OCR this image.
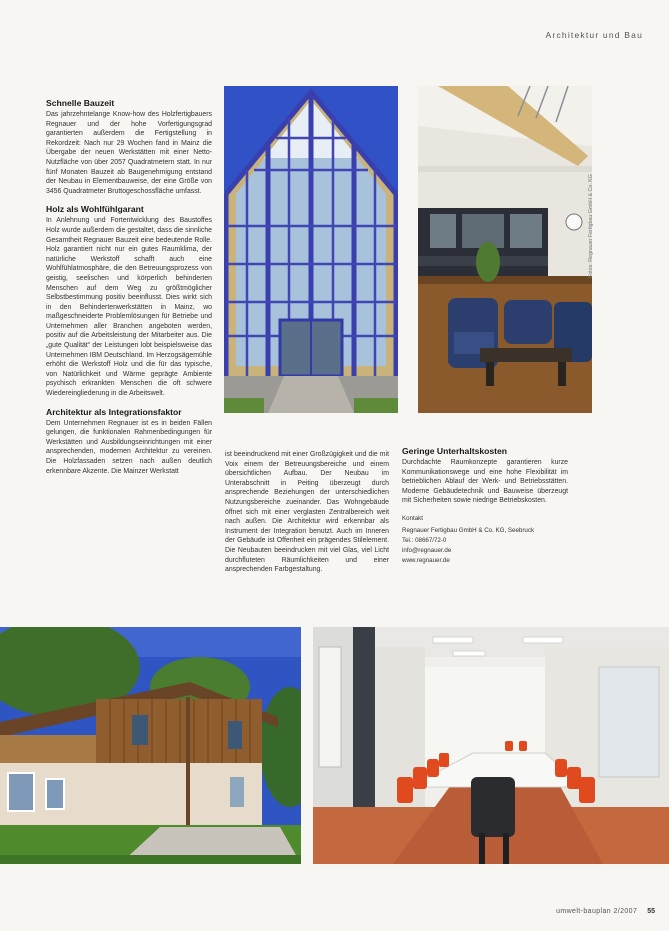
Architektur und Bau
Schnelle Bauzeit

Das jahrzehntelange Know-how des Holzfertigbauers Regnauer und der hohe Vorfertigungsgrad garantierten außerdem die Fertigstellung in Rekordzeit: Nach nur 29 Wochen fand in Mainz die Übergabe der neuen Werkstätten mit einer Netto-Nutzfläche von über 2057 Quadratmetern statt. In nur fünf Monaten Bauzeit ab Baugenehmigung entstand der Neubau in Elementbauweise, der eine Größe von 3456 Quadratmeter Bruttogeschossfläche umfasst.

Holz als Wohlfühlgarant

In Anlehnung und Fortentwicklung des Baustoffes Holz wurde außerdem die gestaltet, dass die sinnliche Gesamtheit Regnauer Bauzeit eine bedeutende Rolle. Holz garantiert nicht nur ein gutes Raumklima, der natürliche Werkstoff schafft auch eine Wohlfühlatmosphäre, die den Betreuungsprozess von geistig, seelischen und körperlich behinderten Menschen auf dem Weg zu größtmöglicher Selbstbestimmung positiv beeinflusst. Dies wirkt sich in den Behindertenwerkstätten in Mainz, wo maßgeschneiderte Problemlösungen für Betriebe und Unternehmen aller Branchen angeboten werden, positiv auf die Arbeitsleistung der Mitarbeiter aus. Die „gute Qualität“ der Leistungen lobt beispielsweise das Unternehmen IBM Deutschland. Im Herzogsägemühle erhöht die Werkstoff Holz und die für das typische, von Natürlichkeit und Wärme geprägte Ambiente psychisch erkrankten Menschen die oft schwere Wiedereingliederung in die Arbeitswelt.

Architektur als Integrationsfaktor

Dem Unternehmen Regnauer ist es in beiden Fällen gelungen, die funktionalen Rahmenbedingungen für Werkstätten und Ausbildungseinrichtungen mit einer ansprechenden, modernen Architektur zu vereinen. Die Holzfassaden setzen nach außen deutlich erkennbare Akzente. Die Mainzer Werkstatt

ist beeindruckend mit einer Großzügigkeit und die mit Voix einem der Betreuungsbereiche und einem übersichtlichen Aufbau. Der Neubau im Unterabschnitt in Peiting überzeugt durch ansprechende Beziehungen der unterschiedlichen Nutzungsbereiche zueinander. Das Wohngebäude öffnet sich mit einer verglasten Zentralbereich weit nach außen. Die Architektur wird erkennbar als Instrument der Integration benutzt. Auch im Inneren der Gebäude ist Offenheit ein prägendes Stilelement. Die Neubauten beeindrucken mit viel Glas, viel Licht durchfluteten Räumlichkeiten und einer ansprechenden Farbgestaltung.

Geringe Unterhaltskosten

Durchdachte Raumkonzepte garantieren kurze Kommunikationswege und eine hohe Flexibilität im betrieblichen Ablauf der Werk- und Betriebsstätten. Moderne Gebäudetechnik und Bauweise überzeugt mit Sicherheiten sowie niedrige Betriebskosten.

Kontakt
Regnauer Fertigbau GmbH & Co. KG, Seebruck
Tel.: 08667/72-0
info@regnauer.de
www.regnauer.de
Fotos: Regnauer Fertigbau GmbH & Co. KG
umwelt-bauplan 2/2007 55
